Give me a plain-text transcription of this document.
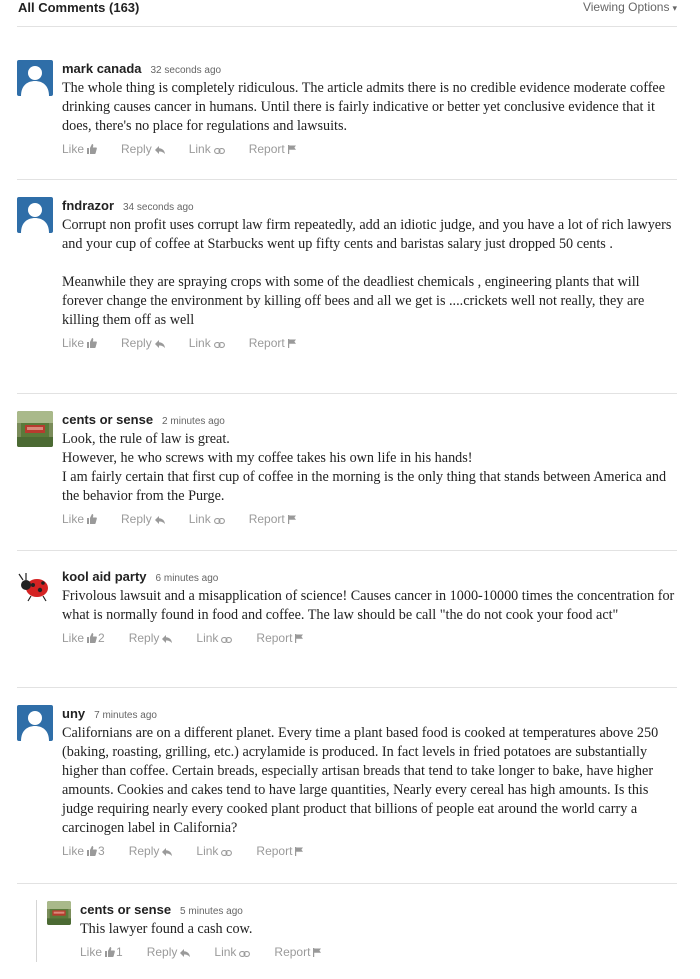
All Comments (163)	Viewing Options ▾
mark canada 32 seconds ago

The whole thing is completely ridiculous. The article admits there is no credible evidence moderate coffee drinking causes cancer in humans. Until there is fairly indicative or better yet conclusive evidence that it does, there's no place for regulations and lawsuits.

Like	Reply	Link	Report
fndrazor 34 seconds ago

Corrupt non profit uses corrupt law firm repeatedly, add an idiotic judge, and you have a lot of rich lawyers and your cup of coffee at Starbucks went up fifty cents and baristas salary just dropped 50 cents .

Meanwhile they are spraying crops with some of the deadliest chemicals , engineering plants that will forever change the environment by killing off bees and all we get is ....crickets well not really, they are killing them off as well

Like	Reply	Link	Report
cents or sense 2 minutes ago

Look, the rule of law is great.

However, he who screws with my coffee takes his own life in his hands!

I am fairly certain that first cup of coffee in the morning is the only thing that stands between America and the behavior from the Purge.

Like	Reply	Link	Report
kool aid party 6 minutes ago

Frivolous lawsuit and a misapplication of science! Causes cancer in 1000-10000 times the concentration for what is normally found in food and coffee. The law should be call "the do not cook your food act"

Like 2 Reply	Link	Report
uny 7 minutes ago

Californians are on a different planet. Every time a plant based food is cooked at temperatures above 250 (baking, roasting, grilling, etc.) acrylamide is produced. In fact levels in fried potatoes are substantially higher than coffee. Certain breads, especially artisan breads that tend to take longer to bake, have higher amounts. Cookies and cakes tend to have large quantities, Nearly every cereal has high amounts. Is this judge requiring nearly every cooked plant product that billions of people eat around the world carry a carcinogen label in California?

Like 3 Reply	Link	Report
cents or sense 5 minutes ago

This lawyer found a cash cow.

Like 1 Reply	Link	Report
